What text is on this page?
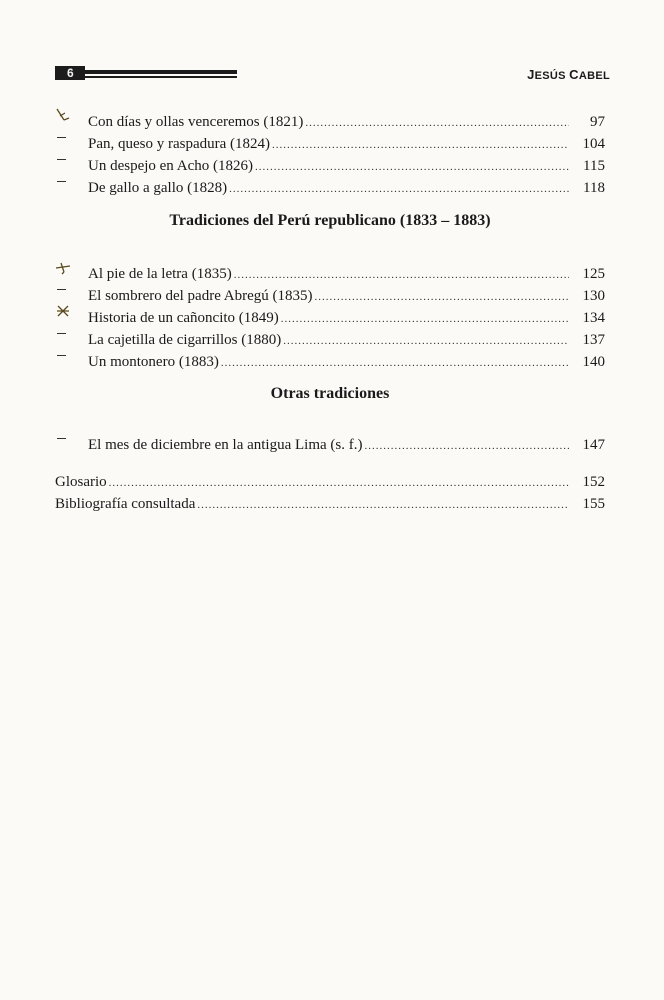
6	JESÚS CABEL
Con días y ollas venceremos (1821) .....	97
Pan, queso y raspadura (1824) .....	104
Un despejo en Acho (1826) .....	115
De gallo a gallo (1828) .....	118
Tradiciones del Perú republicano (1833 – 1883)
Al pie de la letra (1835) .....	125
El sombrero del padre Abregú (1835) .....	130
Historia de un cañoncito (1849) .....	134
La cajetilla de cigarrillos (1880) .....	137
Un montonero (1883) .....	140
Otras tradiciones
El mes de diciembre en la antigua Lima (s. f.) .....	147
Glosario .....	152
Bibliografía consultada .....	155
